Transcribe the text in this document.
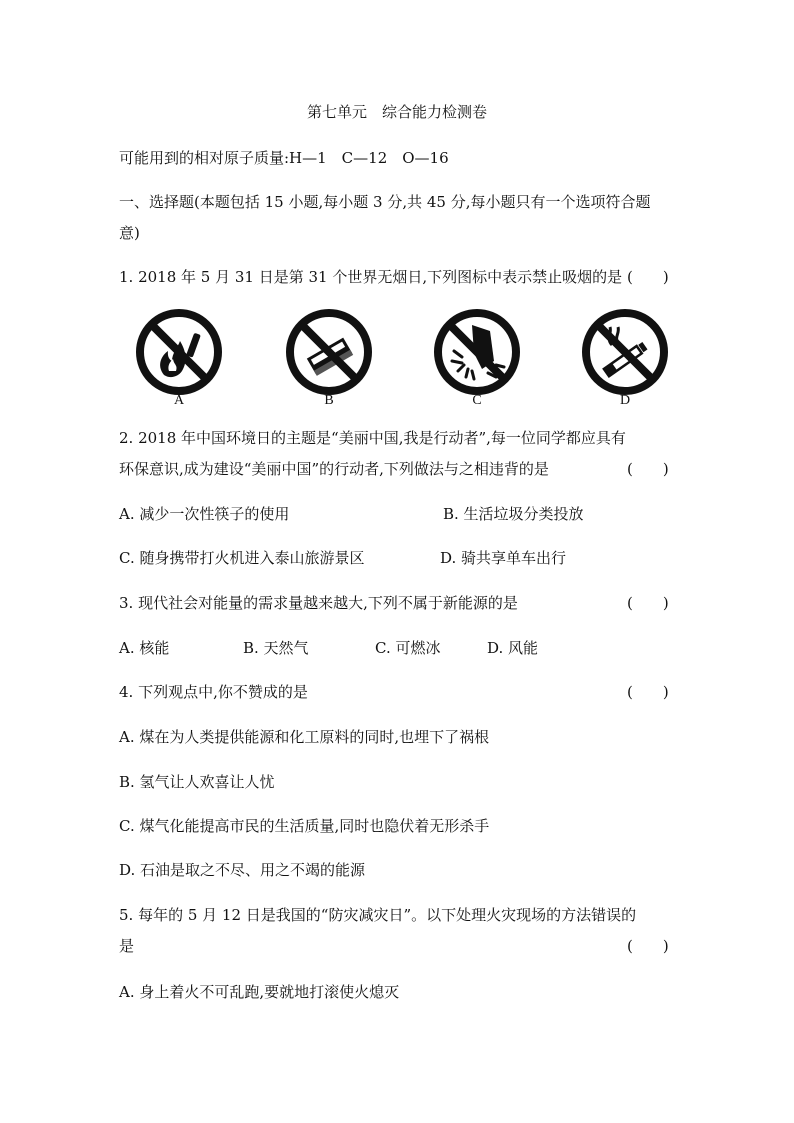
第七单元　综合能力检测卷
可能用到的相对原子质量:H—1　C—12　O—16
一、选择题(本题包括 15 小题,每小题 3 分,共 45 分,每小题只有一个选项符合题
意)
1. 2018 年 5 月 31 日是第 31 个世界无烟日,下列图标中表示禁止吸烟的是 (　　)
A	B	C	D
2. 2018 年中国环境日的主题是“美丽中国,我是行动者”,每一位同学都应具有
环保意识,成为建设“美丽中国”的行动者,下列做法与之相违背的是	(　　)
A. 减少一次性筷子的使用	B. 生活垃圾分类投放
C. 随身携带打火机进入泰山旅游景区	D. 骑共享单车出行
3. 现代社会对能量的需求量越来越大,下列不属于新能源的是	(　　)
A. 核能	B. 天然气	C. 可燃冰	D. 风能
4. 下列观点中,你不赞成的是	(　　)
A. 煤在为人类提供能源和化工原料的同时,也埋下了祸根
B. 氢气让人欢喜让人忧
C. 煤气化能提高市民的生活质量,同时也隐伏着无形杀手
D. 石油是取之不尽、用之不竭的能源
5. 每年的 5 月 12 日是我国的“防灾减灾日”。以下处理火灾现场的方法错误的
是	(　　)
A. 身上着火不可乱跑,要就地打滚使火熄灭
